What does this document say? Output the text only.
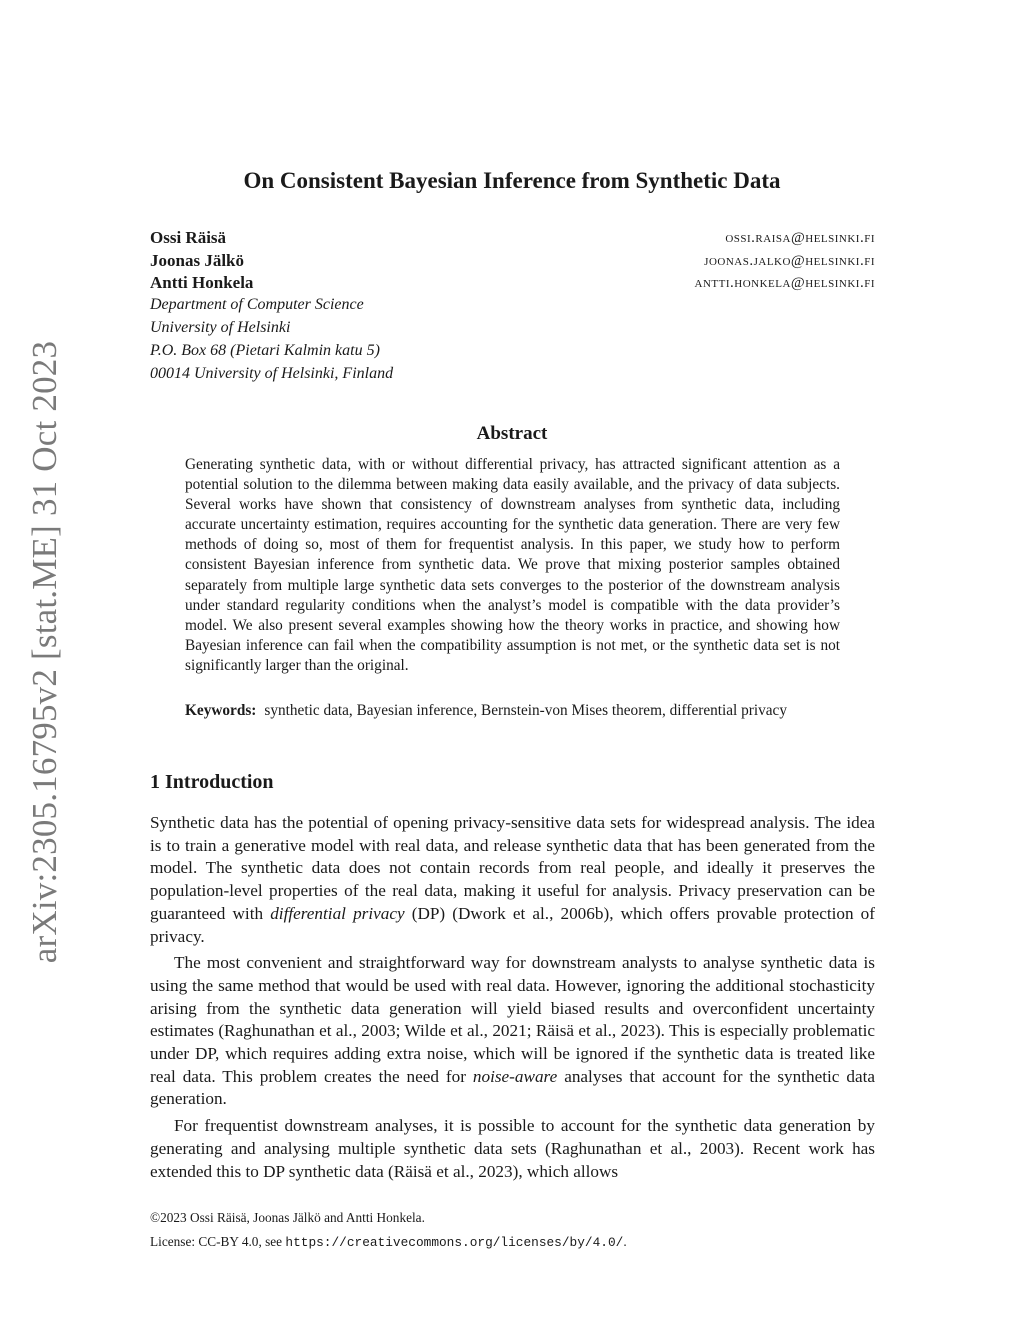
arXiv:2305.16795v2 [stat.ME] 31 Oct 2023
On Consistent Bayesian Inference from Synthetic Data
Ossi Räisä
Joonas Jälkö
Antti Honkela
ossi.raisa@helsinki.fi
joonas.jalko@helsinki.fi
antti.honkela@helsinki.fi
Department of Computer Science
University of Helsinki
P.O. Box 68 (Pietari Kalmin katu 5)
00014 University of Helsinki, Finland
Abstract
Generating synthetic data, with or without differential privacy, has attracted significant attention as a potential solution to the dilemma between making data easily available, and the privacy of data subjects. Several works have shown that consistency of downstream analyses from synthetic data, including accurate uncertainty estimation, requires accounting for the synthetic data generation. There are very few methods of doing so, most of them for frequentist analysis. In this paper, we study how to perform consistent Bayesian inference from synthetic data. We prove that mixing posterior samples obtained separately from multiple large synthetic data sets converges to the posterior of the downstream analysis under standard regularity conditions when the analyst’s model is compatible with the data provider’s model. We also present several examples showing how the theory works in practice, and showing how Bayesian inference can fail when the compatibility assumption is not met, or the synthetic data set is not significantly larger than the original.
Keywords: synthetic data, Bayesian inference, Bernstein-von Mises theorem, differential privacy
1 Introduction

Synthetic data has the potential of opening privacy-sensitive data sets for widespread analysis. The idea is to train a generative model with real data, and release synthetic data that has been generated from the model. The synthetic data does not contain records from real people, and ideally it preserves the population-level properties of the real data, making it useful for analysis. Privacy preservation can be guaranteed with differential privacy (DP) (Dwork et al., 2006b), which offers provable protection of privacy.

The most convenient and straightforward way for downstream analysts to analyse synthetic data is using the same method that would be used with real data. However, ignoring the additional stochasticity arising from the synthetic data generation will yield biased results and overconfident uncertainty estimates (Raghunathan et al., 2003; Wilde et al., 2021; Räisä et al., 2023). This is especially problematic under DP, which requires adding extra noise, which will be ignored if the synthetic data is treated like real data. This problem creates the need for noise-aware analyses that account for the synthetic data generation.

For frequentist downstream analyses, it is possible to account for the synthetic data generation by generating and analysing multiple synthetic data sets (Raghunathan et al., 2003). Recent work has extended this to DP synthetic data (Räisä et al., 2023), which allows

©2023 Ossi Räisä, Joonas Jälkö and Antti Honkela.
License: CC-BY 4.0, see https://creativecommons.org/licenses/by/4.0/.
